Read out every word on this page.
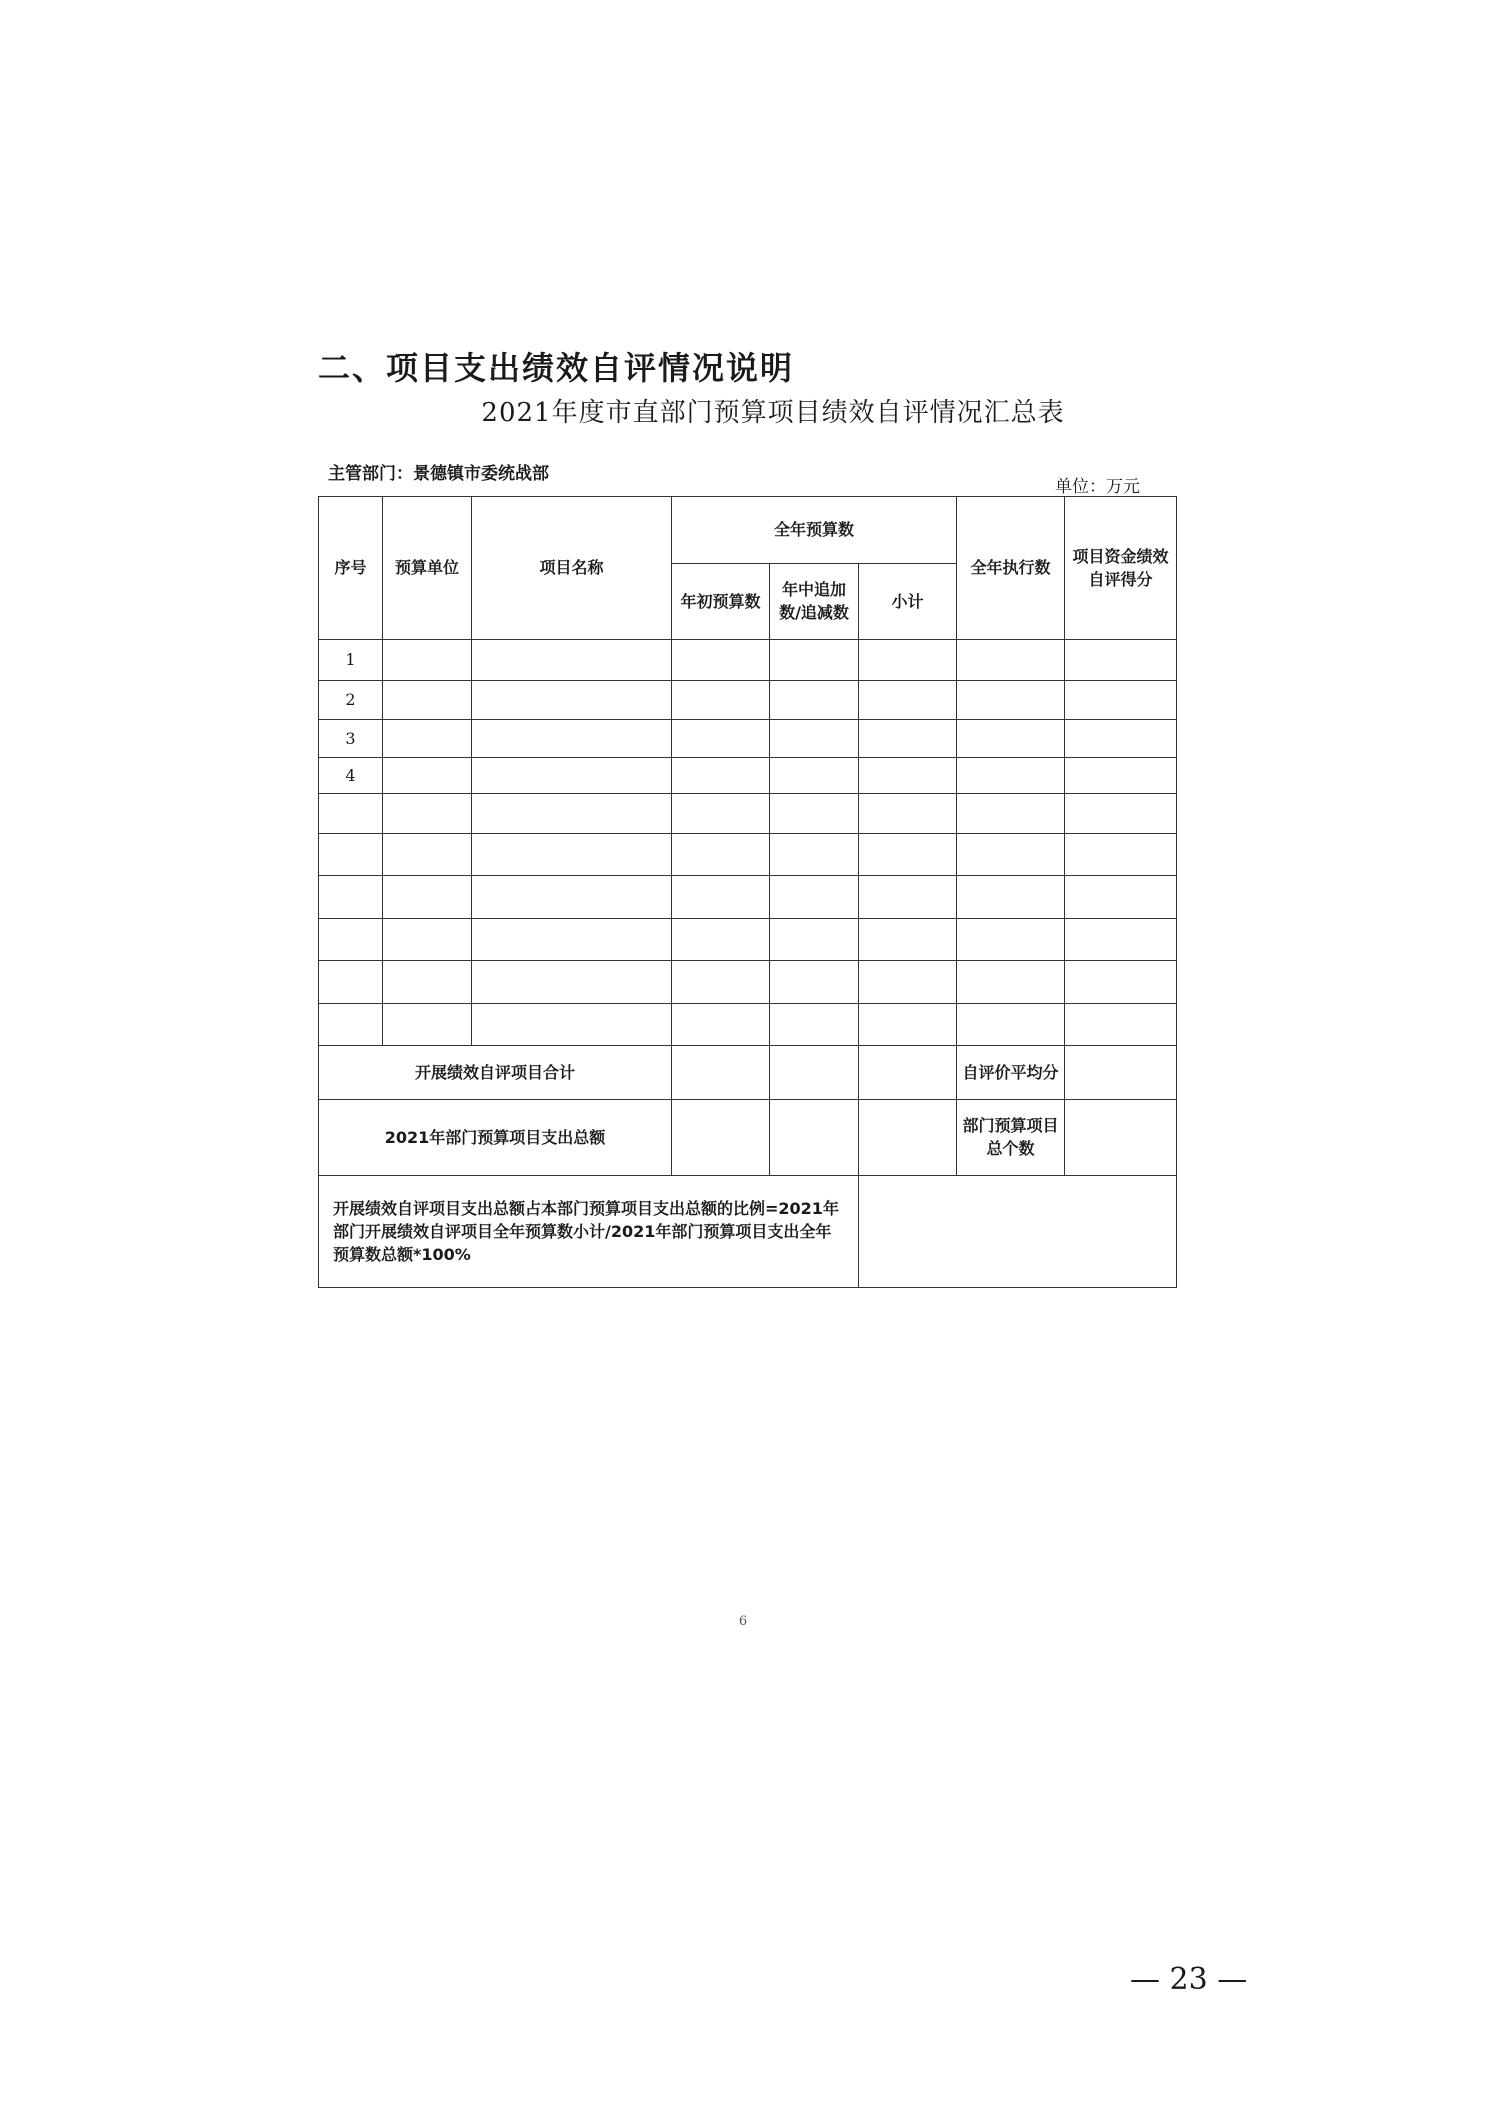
二、项目支出绩效自评情况说明
2021年度市直部门预算项目绩效自评情况汇总表
主管部门：景德镇市委统战部
单位：万元
序号	预算单位	项目名称	全年预算数			全年执行数	项目资金绩效自评得分
			年初预算数	年中追加数/追减数	小计		
1							
2							
3							
4							

开展绩效自评项目合计						自评价平均分	
2021年部门预算项目支出总额						部门预算项目总个数	
开展绩效自评项目支出总额占本部门预算项目支出总额的比例=2021年部门开展绩效自评项目全年预算数小计/2021年部门预算项目支出全年预算数总额*100%							
6
— 23 —
